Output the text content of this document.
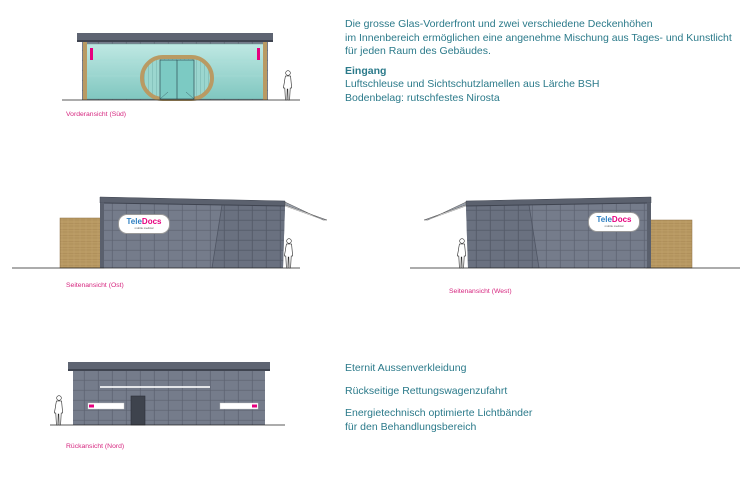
TeleDocs
mobile medical
TeleDocs
mobile medical
Vorderansicht (Süd)
Seitenansicht (Ost)
Seitenansicht (West)
Rückansicht (Nord)
Die grosse Glas-Vorderfront und zwei verschiedene Deckenhöhen
im Innenbereich ermöglichen eine angenehme Mischung aus Tages- und Kunstlicht
für jeden Raum des Gebäudes.
Eingang
Luftschleuse und Sichtschutzlamellen aus Lärche BSH
Bodenbelag: rutschfestes Nirosta
Eternit Aussenverkleidung
Rückseitige Rettungswagenzufahrt
Energietechnisch optimierte Lichtbänder
für den Behandlungsbereich
